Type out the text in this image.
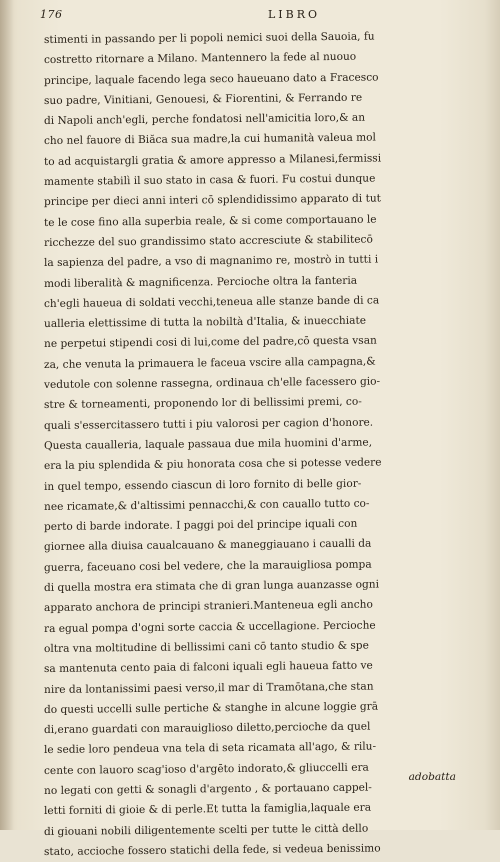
176	LIBRO
stimenti in passando per li popoli nemici suoi della Sauoia, fu
costretto ritornare a Milano. Mantennero la fede al nuouo
principe, laquale facendo lega seco haueuano dato a Fracesco
suo padre, Vinitiani, Genouesi, & Fiorentini, & Ferrando re
di Napoli anch'egli, perche fondatosi nell'amicitia loro,& an
cho nel fauore di Biăca sua madre,la cui humanità valeua mol
to ad acquistargli gratia & amore appresso a Milanesi,fermissi
mamente stabilì il suo stato in casa & fuori. Fu costui dunque
principe per dieci anni interi cō splendidissimo apparato di tut
te le cose fino alla superbia reale, & si come comportauano le
ricchezze del suo grandissimo stato accresciute & stabilitecō
la sapienza del padre, a vso di magnanimo re, mostrò in tutti i
modi liberalità & magnificenza. Percioche oltra la fanteria
ch'egli haueua di soldati vecchi,teneua alle stanze bande di ca
ualleria elettissime di tutta la nobiltà d'Italia, & inuecchiate
ne perpetui stipendi cosi di lui,come del padre,cō questa vsan
za, che venuta la primauera le faceua vscire alla campagna,&
vedutole con solenne rassegna, ordinaua ch'elle facessero gio-
stre & torneamenti, proponendo lor di bellissimi premi, co-
quali s'essercitassero tutti i piu valorosi per cagion d'honore.
Questa caualleria, laquale passaua due mila huomini d'arme,
era la piu splendida & piu honorata cosa che si potesse vedere
in quel tempo, essendo ciascun di loro fornito di belle gior-
nee ricamate,& d'altissimi pennacchi,& con cauallo tutto co-
perto di barde indorate. I paggi poi del principe iquali con
giornee alla diuisa caualcauano & maneggiauano i caualli da
guerra, faceuano cosi bel vedere, che la marauigliosa pompa
di quella mostra era stimata che di gran lunga auanzasse ogni
apparato anchora de principi stranieri.Manteneua egli ancho
ra egual pompa d'ogni sorte caccia & uccellagione. Percioche
oltra vna moltitudine di bellissimi cani cō tanto studio & spe
sa mantenuta cento paia di falconi iquali egli haueua fatto ve
nire da lontanissimi paesi verso,il mar di Tramōtana,che stan
do questi uccelli sulle pertiche & stanghe in alcune loggie grā
di,erano guardati con marauiglioso diletto,percioche da quel
le sedie loro pendeua vna tela di seta ricamata all'ago, & rilu-
cente con lauoro scag'ioso d'argēto indorato,& gliuccelli era
no legati con getti & sonagli d'argento , & portauano cappel-
letti forniti di gioie & di perle.Et tutta la famiglia,laquale era
di giouani nobili diligentemente scelti per tutte le città dello
stato, accioche fossero statichi della fede, si vedeua benissimo
adobatta
